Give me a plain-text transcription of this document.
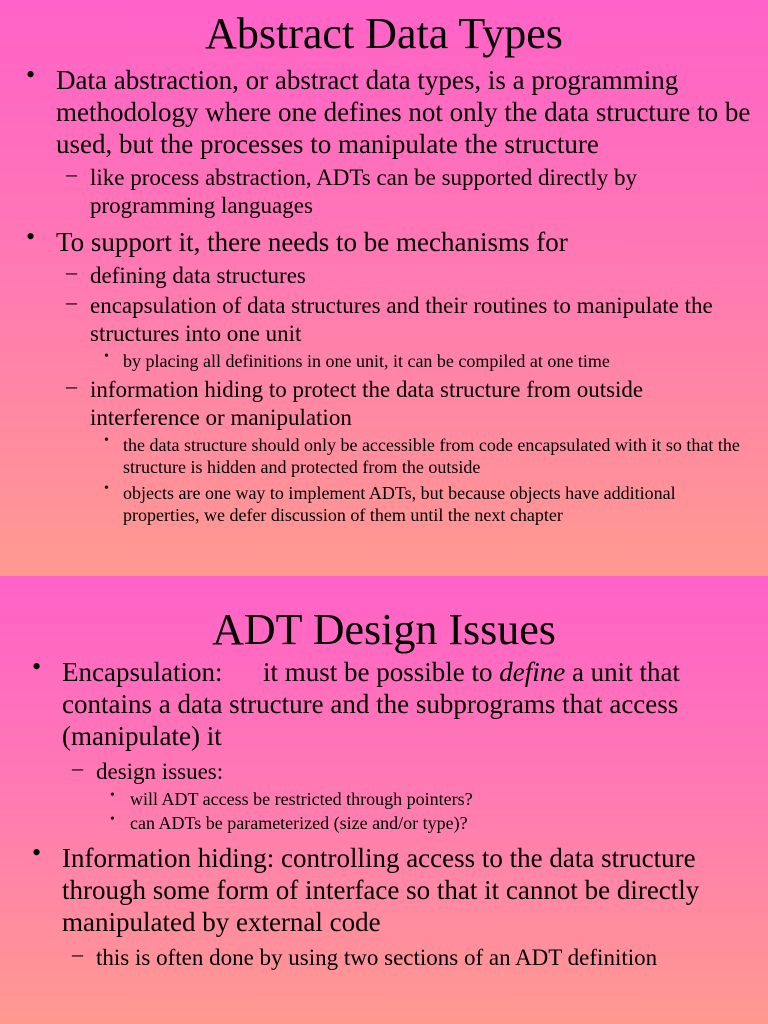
Abstract Data Types
• Data abstraction, or abstract data types, is a programming methodology where one defines not only the data structure to be used, but the processes to manipulate the structure
– like process abstraction, ADTs can be supported directly by programming languages
• To support it, there needs to be mechanisms for
– defining data structures
– encapsulation of data structures and their routines to manipulate the structures into one unit
• by placing all definitions in one unit, it can be compiled at one time
– information hiding to protect the data structure from outside interference or manipulation
• the data structure should only be accessible from code encapsulated with it so that the structure is hidden and protected from the outside
• objects are one way to implement ADTs, but because objects have additional properties, we defer discussion of them until the next chapter
ADT Design Issues
• Encapsulation:      it must be possible to define a unit that contains a data structure and the subprograms that access (manipulate) it
– design issues:
• will ADT access be restricted through pointers?
• can ADTs be parameterized (size and/or type)?
• Information hiding: controlling access to the data structure through some form of interface so that it cannot be directly manipulated by external code
– this is often done by using two sections of an ADT definition
